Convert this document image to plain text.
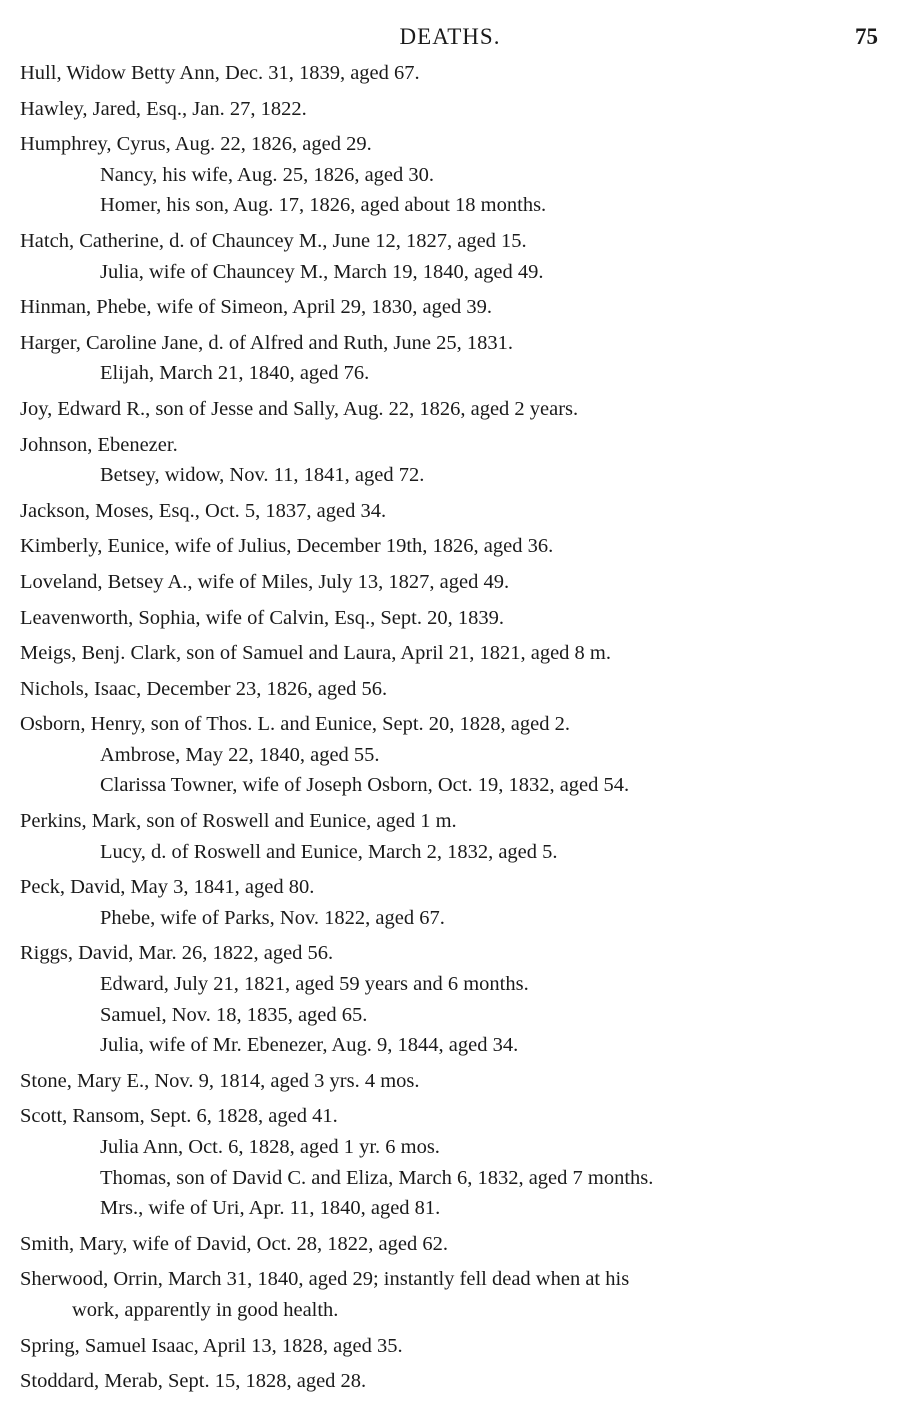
DEATHS.	75
Hull, Widow Betty Ann, Dec. 31, 1839, aged 67.
Hawley, Jared, Esq., Jan. 27, 1822.
Humphrey, Cyrus, Aug. 22, 1826, aged 29.
Nancy, his wife, Aug. 25, 1826, aged 30.
Homer, his son, Aug. 17, 1826, aged about 18 months.
Hatch, Catherine, d. of Chauncey M., June 12, 1827, aged 15.
Julia, wife of Chauncey M., March 19, 1840, aged 49.
Hinman, Phebe, wife of Simeon, April 29, 1830, aged 39.
Harger, Caroline Jane, d. of Alfred and Ruth, June 25, 1831.
Elijah, March 21, 1840, aged 76.
Joy, Edward R., son of Jesse and Sally, Aug. 22, 1826, aged 2 years.
Johnson, Ebenezer.
Betsey, widow, Nov. 11, 1841, aged 72.
Jackson, Moses, Esq., Oct. 5, 1837, aged 34.
Kimberly, Eunice, wife of Julius, December 19th, 1826, aged 36.
Loveland, Betsey A., wife of Miles, July 13, 1827, aged 49.
Leavenworth, Sophia, wife of Calvin, Esq., Sept. 20, 1839.
Meigs, Benj. Clark, son of Samuel and Laura, April 21, 1821, aged 8 m.
Nichols, Isaac, December 23, 1826, aged 56.
Osborn, Henry, son of Thos. L. and Eunice, Sept. 20, 1828, aged 2.
Ambrose, May 22, 1840, aged 55.
Clarissa Towner, wife of Joseph Osborn, Oct. 19, 1832, aged 54.
Perkins, Mark, son of Roswell and Eunice, aged 1 m.
Lucy, d. of Roswell and Eunice, March 2, 1832, aged 5.
Peck, David, May 3, 1841, aged 80.
Phebe, wife of Parks, Nov. 1822, aged 67.
Riggs, David, Mar. 26, 1822, aged 56.
Edward, July 21, 1821, aged 59 years and 6 months.
Samuel, Nov. 18, 1835, aged 65.
Julia, wife of Mr. Ebenezer, Aug. 9, 1844, aged 34.
Stone, Mary E., Nov. 9, 1814, aged 3 yrs. 4 mos.
Scott, Ransom, Sept. 6, 1828, aged 41.
Julia Ann, Oct. 6, 1828, aged 1 yr. 6 mos.
Thomas, son of David C. and Eliza, March 6, 1832, aged 7 months.
Mrs., wife of Uri, Apr. 11, 1840, aged 81.
Smith, Mary, wife of David, Oct. 28, 1822, aged 62.
Sherwood, Orrin, March 31, 1840, aged 29; instantly fell dead when at his
work, apparently in good health.
Spring, Samuel Isaac, April 13, 1828, aged 35.
Stoddard, Merab, Sept. 15, 1828, aged 28.
